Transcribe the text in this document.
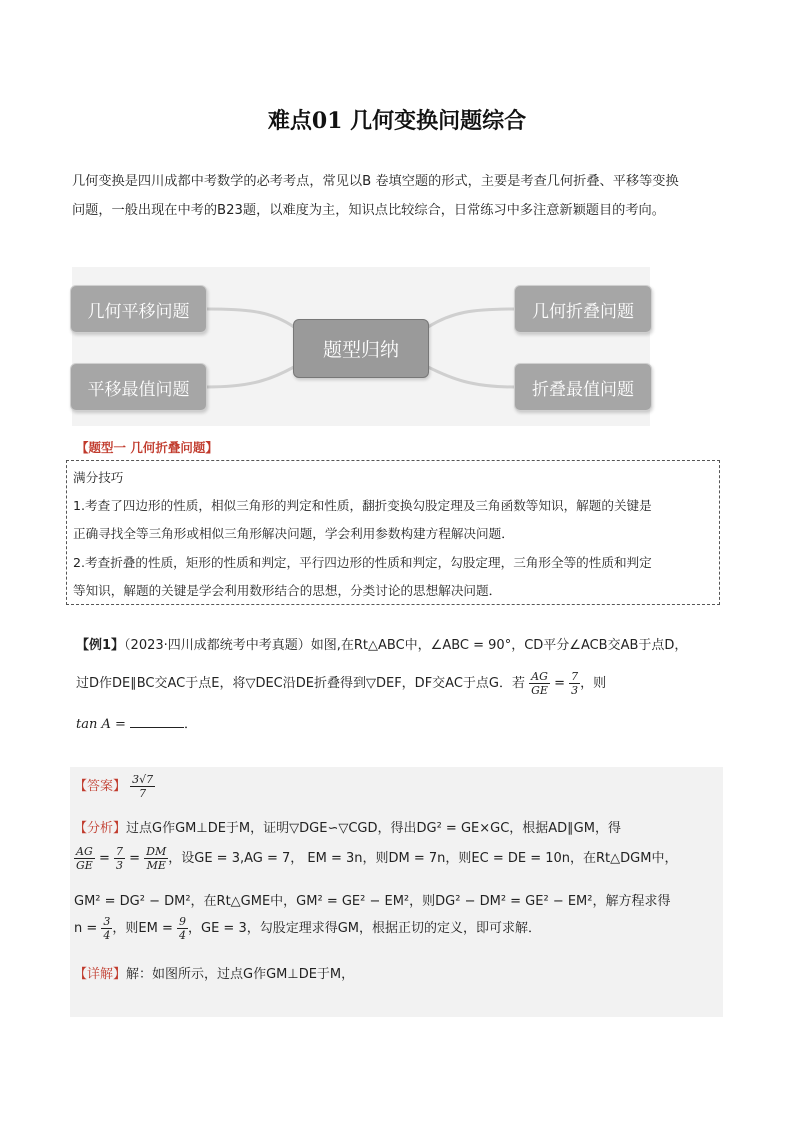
难点01 几何变换问题综合
几何变换是四川成都中考数学的必考考点，常见以B 卷填空题的形式，主要是考查几何折叠、平移等变换
问题，一般出现在中考的B23题，以难度为主，知识点比较综合，日常练习中多注意新颖题目的考向。
几何平移问题
平移最值问题
题型归纳
几何折叠问题
折叠最值问题
【题型一 几何折叠问题】
满分技巧
1.考查了四边形的性质，相似三角形的判定和性质，翻折变换勾股定理及三角函数等知识，解题的关键是
正确寻找全等三角形或相似三角形解决问题，学会利用参数构建方程解决问题．
2.考查折叠的性质，矩形的性质和判定，平行四边形的性质和判定，勾股定理，三角形全等的性质和判定
等知识，解题的关键是学会利用数形结合的思想，分类讨论的思想解决问题．
【例1】（2023·四川成都统考中考真题）如图,在Rt△ABC中，∠ABC = 90°，CD平分∠ACB交AB于点D，
过D作DE∥BC交AC于点E，将▽DEC沿DE折叠得到▽DEF，DF交AC于点G．若 $\frac{AG}{GE} = \frac{7}{3}$ ，则
tan A =	．
【答案】 $\frac{3√7}{7}$
【分析】过点G作GM⊥DE于M，证明▽DGE∽▽CGD，得出DG² = GE×GC，根据AD∥GM，得
$\frac{AG}{GE} = \frac{7}{3} = \frac{DM}{ME}$ ，设GE = 3,AG = 7， EM = 3n，则DM = 7n，则EC = DE = 10n，在Rt△DGM中，
GM² = DG² − DM²，在Rt△GME中，GM² = GE² − EM²，则DG² − DM² = GE² − EM²，解方程求得
$n = \frac{3}{4}$ ，则EM = $\frac{9}{4}$ ，GE = 3，勾股定理求得GM，根据正切的定义，即可求解．
【详解】解：如图所示，过点G作GM⊥DE于M，
